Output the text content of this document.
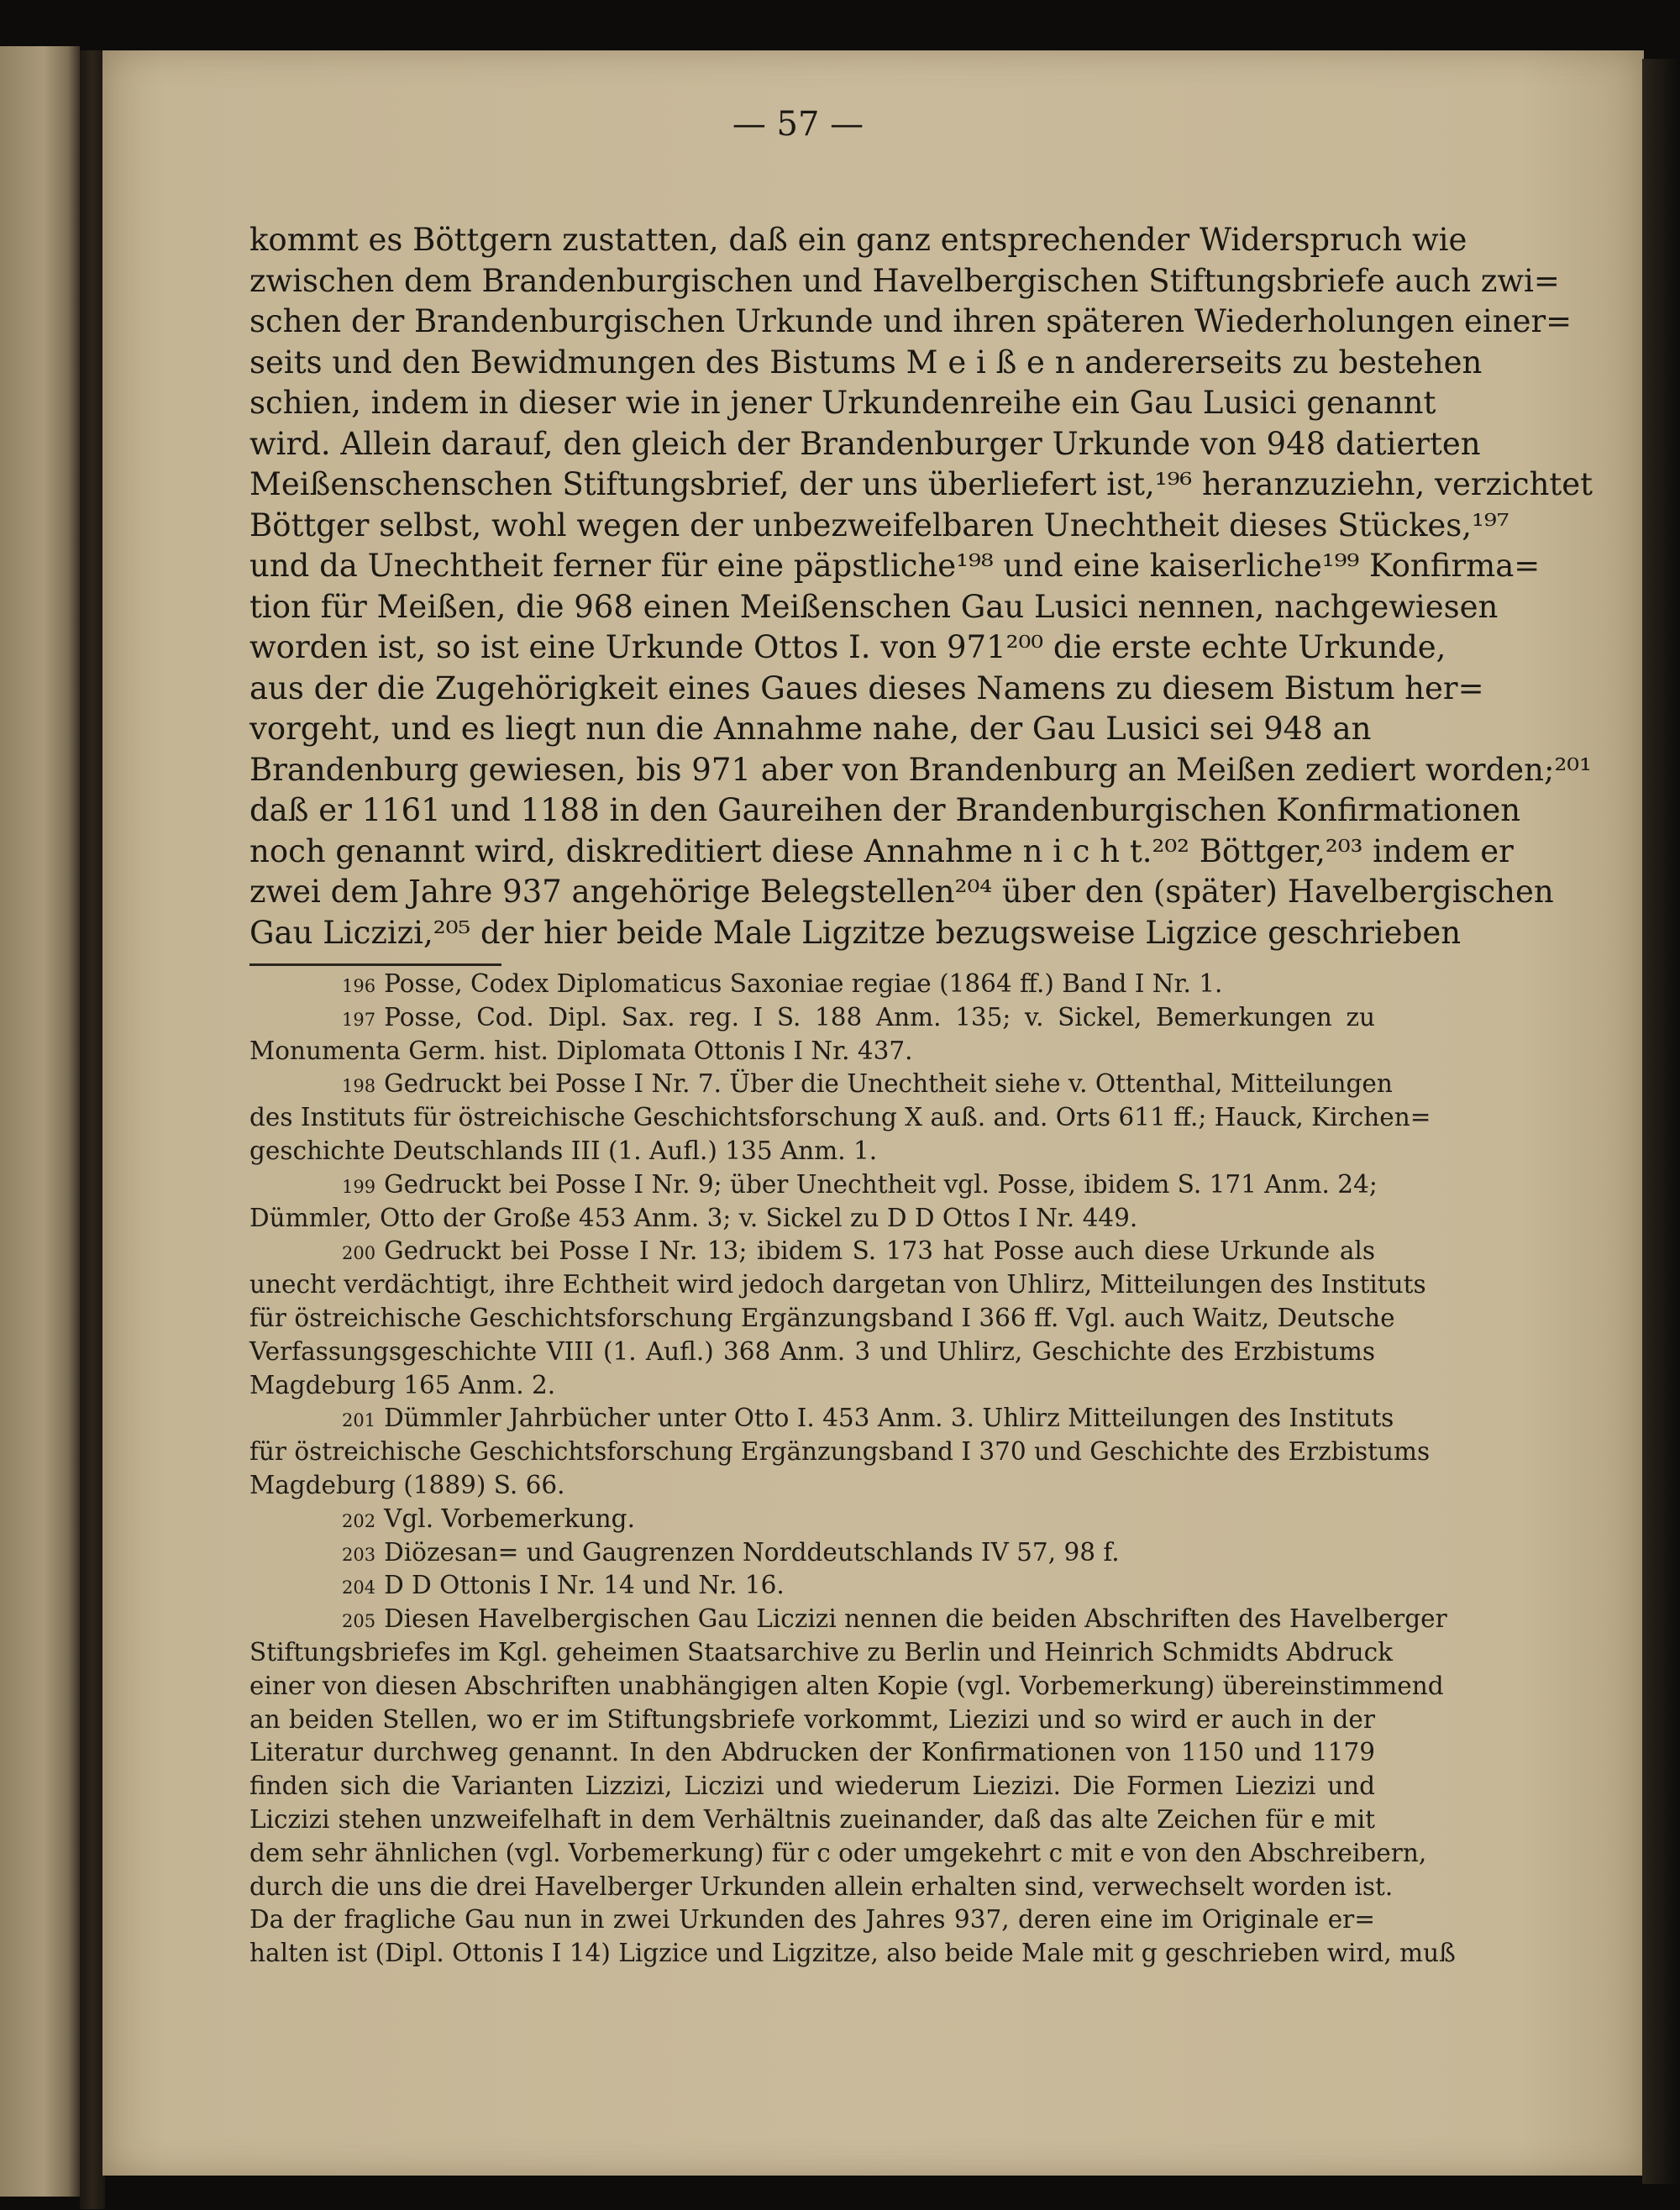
— 57 —
kommt es Böttgern zustatten, daß ein ganz entsprechender Widerspruch wie
zwischen dem Brandenburgischen und Havelbergischen Stiftungsbriefe auch zwi=
schen der Brandenburgischen Urkunde und ihren späteren Wiederholungen einer=
seits und den Bewidmungen des Bistums M e i ß e n andererseits zu bestehen
schien, indem in dieser wie in jener Urkundenreihe ein Gau Lusici genannt
wird. Allein darauf, den gleich der Brandenburger Urkunde von 948 datierten
Meißenschenschen Stiftungsbrief, der uns überliefert ist,¹⁹⁶ heranzuziehn, verzichtet
Böttger selbst, wohl wegen der unbezweifelbaren Unechtheit dieses Stückes,¹⁹⁷
und da Unechtheit ferner für eine päpstliche¹⁹⁸ und eine kaiserliche¹⁹⁹ Konfirma=
tion für Meißen, die 968 einen Meißenschen Gau Lusici nennen, nachgewiesen
worden ist, so ist eine Urkunde Ottos I. von 971²⁰⁰ die erste echte Urkunde,
aus der die Zugehörigkeit eines Gaues dieses Namens zu diesem Bistum her=
vorgeht, und es liegt nun die Annahme nahe, der Gau Lusici sei 948 an
Brandenburg gewiesen, bis 971 aber von Brandenburg an Meißen zediert worden;²⁰¹
daß er 1161 und 1188 in den Gaureihen der Brandenburgischen Konfirmationen
noch genannt wird, diskreditiert diese Annahme n i c h t.²⁰² Böttger,²⁰³ indem er
zwei dem Jahre 937 angehörige Belegstellen²⁰⁴ über den (später) Havelbergischen
Gau Liczizi,²⁰⁵ der hier beide Male Ligzitze bezugsweise Ligzice geschrieben
196 Posse, Codex Diplomaticus Saxoniae regiae (1864 ff.) Band I Nr. 1.
197 Posse, Cod. Dipl. Sax. reg. I S. 188 Anm. 135; v. Sickel, Bemerkungen zu
Monumenta Germ. hist. Diplomata Ottonis I Nr. 437.
198 Gedruckt bei Posse I Nr. 7. Über die Unechtheit siehe v. Ottenthal, Mitteilungen
des Instituts für östreichische Geschichtsforschung X auß. and. Orts 611 ff.; Hauck, Kirchen=
geschichte Deutschlands III (1. Aufl.) 135 Anm. 1.
199 Gedruckt bei Posse I Nr. 9; über Unechtheit vgl. Posse, ibidem S. 171 Anm. 24;
Dümmler, Otto der Große 453 Anm. 3; v. Sickel zu D D Ottos I Nr. 449.
200 Gedruckt bei Posse I Nr. 13; ibidem S. 173 hat Posse auch diese Urkunde als
unecht verdächtigt, ihre Echtheit wird jedoch dargetan von Uhlirz, Mitteilungen des Instituts
für östreichische Geschichtsforschung Ergänzungsband I 366 ff. Vgl. auch Waitz, Deutsche
Verfassungsgeschichte VIII (1. Aufl.) 368 Anm. 3 und Uhlirz, Geschichte des Erzbistums
Magdeburg 165 Anm. 2.
201 Dümmler Jahrbücher unter Otto I. 453 Anm. 3. Uhlirz Mitteilungen des Instituts
für östreichische Geschichtsforschung Ergänzungsband I 370 und Geschichte des Erzbistums
Magdeburg (1889) S. 66.
202 Vgl. Vorbemerkung.
203 Diözesan= und Gaugrenzen Norddeutschlands IV 57, 98 f.
204 D D Ottonis I Nr. 14 und Nr. 16.
205 Diesen Havelbergischen Gau Liczizi nennen die beiden Abschriften des Havelberger
Stiftungsbriefes im Kgl. geheimen Staatsarchive zu Berlin und Heinrich Schmidts Abdruck
einer von diesen Abschriften unabhängigen alten Kopie (vgl. Vorbemerkung) übereinstimmend
an beiden Stellen, wo er im Stiftungsbriefe vorkommt, Liezizi und so wird er auch in der
Literatur durchweg genannt. In den Abdrucken der Konfirmationen von 1150 und 1179
finden sich die Varianten Lizzizi, Liczizi und wiederum Liezizi. Die Formen Liezizi und
Liczizi stehen unzweifelhaft in dem Verhältnis zueinander, daß das alte Zeichen für e mit
dem sehr ähnlichen (vgl. Vorbemerkung) für c oder umgekehrt c mit e von den Abschreibern,
durch die uns die drei Havelberger Urkunden allein erhalten sind, verwechselt worden ist.
Da der fragliche Gau nun in zwei Urkunden des Jahres 937, deren eine im Originale er=
halten ist (Dipl. Ottonis I 14) Ligzice und Ligzitze, also beide Male mit g geschrieben wird, muß
